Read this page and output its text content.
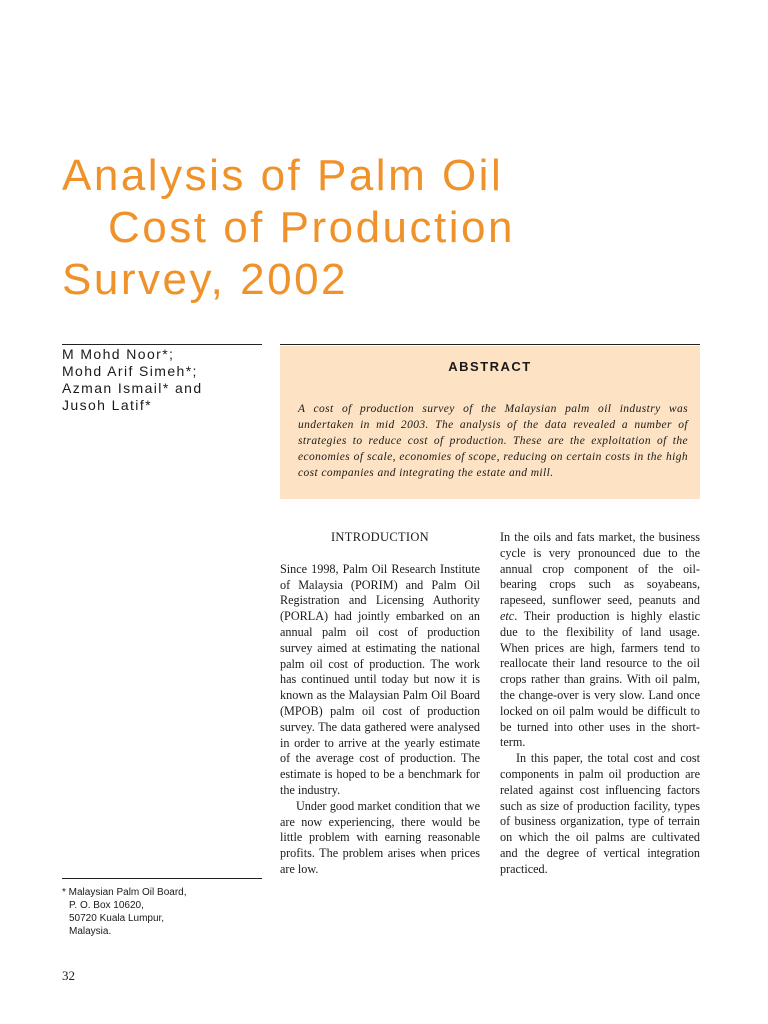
Analysis of Palm Oil
Cost of Production
Survey, 2002
M Mohd Noor*;
Mohd Arif Simeh*;
Azman Ismail* and
Jusoh Latif*
ABSTRACT
A cost of production survey of the Malaysian palm oil industry was undertaken in mid 2003. The analysis of the data revealed a number of strategies to reduce cost of production. These are the exploitation of the economies of scale, economies of scope, reducing on certain costs in the high cost companies and integrating the estate and mill.
INTRODUCTION

Since 1998, Palm Oil Research Institute of Malaysia (PORIM) and Palm Oil Registration and Licensing Authority (PORLA) had jointly embarked on an annual palm oil cost of production survey aimed at estimating the national palm oil cost of production. The work has continued until today but now it is known as the Malaysian Palm Oil Board (MPOB) palm oil cost of production survey. The data gathered were analysed in order to arrive at the yearly estimate of the average cost of production. The estimate is hoped to be a benchmark for the industry.

Under good market condition that we are now experiencing, there would be little problem with earning reasonable profits. The problem arises when prices are low.

In the oils and fats market, the business cycle is very pronounced due to the annual crop component of the oil-bearing crops such as soyabeans, rapeseed, sunflower seed, peanuts and etc. Their production is highly elastic due to the flexibility of land usage. When prices are high, farmers tend to reallocate their land resource to the oil crops rather than grains. With oil palm, the change-over is very slow. Land once locked on oil palm would be difficult to be turned into other uses in the short-term.

In this paper, the total cost and cost components in palm oil production are related against cost influencing factors such as size of production facility, types of business organization, type of terrain on which the oil palms are cultivated and the degree of vertical integration practiced.

* Malaysian Palm Oil Board,
P. O. Box 10620,
50720 Kuala Lumpur,
Malaysia.
32
